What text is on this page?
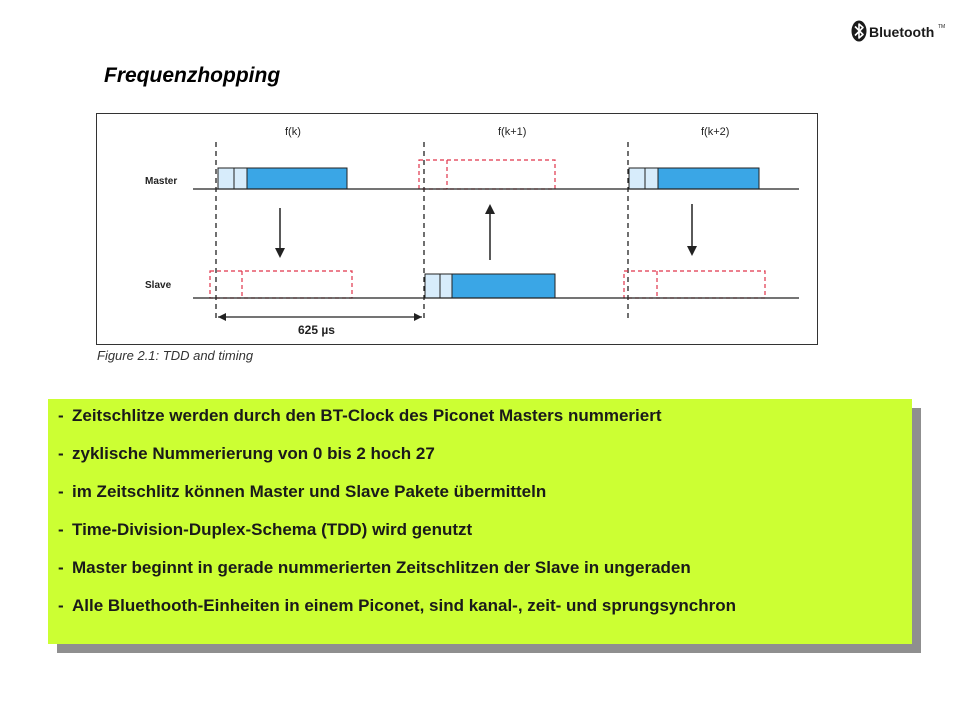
Bluetooth TM
Frequenzhopping
f(k)	f(k+1)	f(k+2)
Master
Slave
625 µs
Figure 2.1: TDD and timing
- Zeitschlitze werden durch den BT-Clock des Piconet Masters nummeriert
- zyklische Nummerierung von 0 bis 2 hoch 27
- im Zeitschlitz können Master und Slave Pakete übermitteln
- Time-Division-Duplex-Schema (TDD) wird genutzt
- Master beginnt in gerade nummerierten Zeitschlitzen der Slave in ungeraden
- Alle Bluethooth-Einheiten in einem Piconet, sind kanal-, zeit- und sprungsynchron
